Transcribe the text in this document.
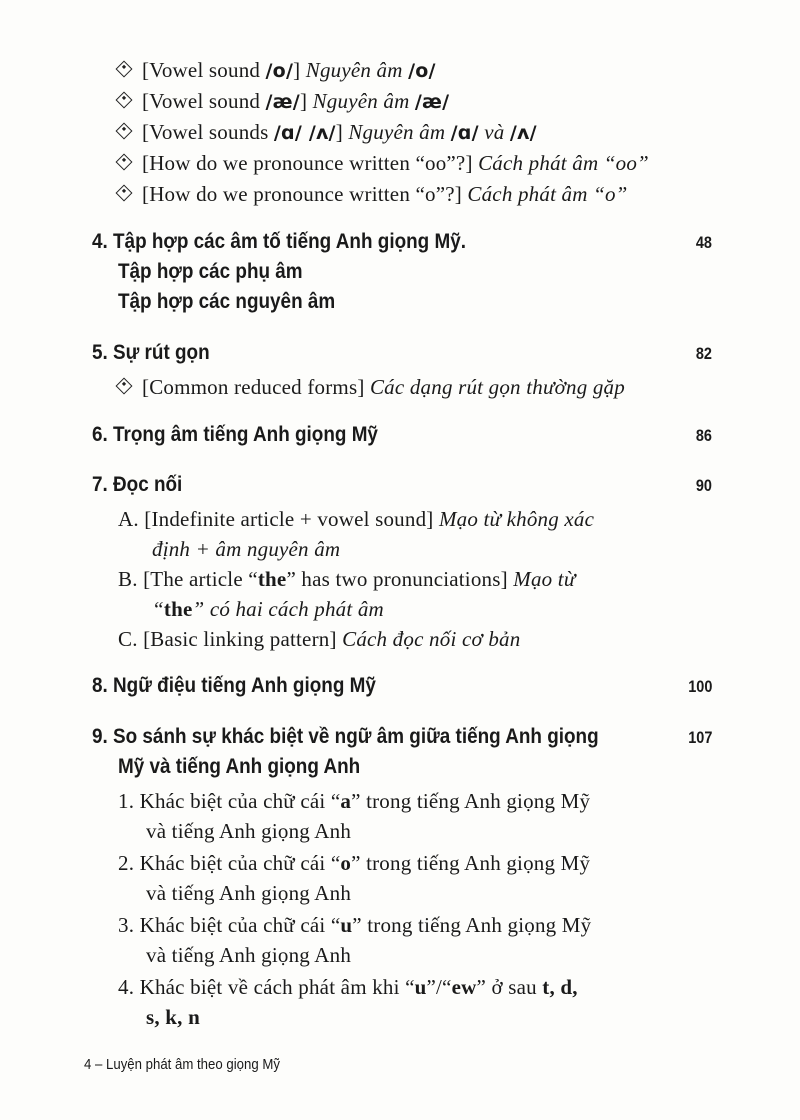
[Vowel sound /o/] Nguyên âm /o/
[Vowel sound /æ/] Nguyên âm /æ/
[Vowel sounds /ɑ/ /ʌ/] Nguyên âm /ɑ/ và /ʌ/
[How do we pronounce written “oo”?] Cách phát âm “oo”
[How do we pronounce written “o”?] Cách phát âm “o”
4. Tập hợp các âm tố tiếng Anh giọng Mỹ.	48
Tập hợp các phụ âm
Tập hợp các nguyên âm
5. Sự rút gọn	82
[Common reduced forms] Các dạng rút gọn thường gặp
6. Trọng âm tiếng Anh giọng Mỹ	86
7. Đọc nối	90
A. [Indefinite article + vowel sound] Mạo từ không xác
định + âm nguyên âm
B. [The article “the” has two pronunciations] Mạo từ
“the” có hai cách phát âm
C. [Basic linking pattern] Cách đọc nối cơ bản
8. Ngữ điệu tiếng Anh giọng Mỹ	100
9. So sánh sự khác biệt về ngữ âm giữa tiếng Anh giọng	107
Mỹ và tiếng Anh giọng Anh
1. Khác biệt của chữ cái “a” trong tiếng Anh giọng Mỹ
và tiếng Anh giọng Anh
2. Khác biệt của chữ cái “o” trong tiếng Anh giọng Mỹ
và tiếng Anh giọng Anh
3. Khác biệt của chữ cái “u” trong tiếng Anh giọng Mỹ
và tiếng Anh giọng Anh
4. Khác biệt về cách phát âm khi “u”/“ew” ở sau t, d,
s, k, n
4 – Luyện phát âm theo giọng Mỹ
